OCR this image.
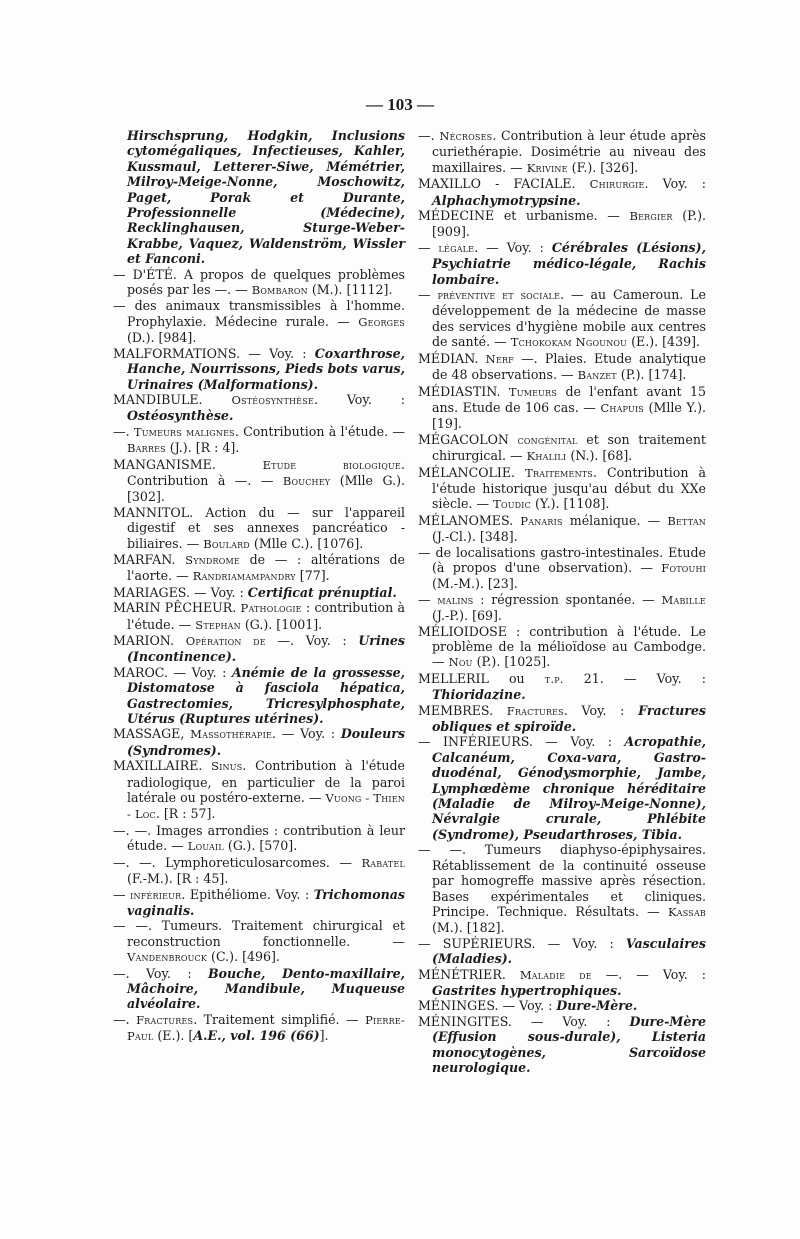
— 103 —

Hirschsprung, Hodgkin, Inclusions cytomégaliques, Infectieuses, Kahler, Kussmaul, Letterer-Siwe, Mémétrier, Milroy-Meige-Nonne, Moschowitz, Paget, Porak et Durante, Professionnelle (Médecine), Recklinghausen, Sturge-Weber-Krabbe, Vaquez, Waldenström, Wissler et Fanconi.

— D'ÉTÉ. A propos de quelques problèmes posés par les —. — Bombaron (M.). [1112].

— des animaux transmissibles à l'homme. Prophylaxie. Médecine rurale. — Georges (D.). [984].

MALFORMATIONS. — Voy. : Coxarthrose, Hanche, Nourrissons, Pieds bots varus, Urinaires (Malformations).

MANDIBULE. Ostéosynthèse. Voy. : Ostéosynthèse.

—. Tumeurs malignes. Contribution à l'étude. — Barres (J.). [R : 4].

MANGANISME. Etude biologique. Contribution à —. — Bouchey (Mlle G.). [302].

MANNITOL. Action du — sur l'appareil digestif et ses annexes pancréatico - biliaires. — Boulard (Mlle C.). [1076].

MARFAN. Syndrome de — : altérations de l'aorte. — Randriamampandry [77].

MARIAGES. — Voy. : Certificat prénuptial.

MARIN PÊCHEUR. Pathologie : contribution à l'étude. — Stephan (G.). [1001].

MARION. Opération de —. Voy. : Urines (Incontinence).

MAROC. — Voy. : Anémie de la grossesse, Distomatose à fasciola hépatica, Gastrectomies, Tricresylphosphate, Utérus (Ruptures utérines).

MASSAGE, Massothérapie. — Voy. : Douleurs (Syndromes).

MAXILLAIRE. Sinus. Contribution à l'étude radiologique, en particulier de la paroi latérale ou postéro-externe. — Vuong - Thien - Loc. [R : 57].

—. —. Images arrondies : contribution à leur étude. — Louail (G.). [570].

—. —. Lymphoreticulosarcomes. — Rabatel (F.-M.). [R : 45].

— inférieur. Epithéliome. Voy. : Trichomonas vaginalis.

— —. Tumeurs. Traitement chirurgical et reconstruction fonctionnelle. — Vandenbrouck (C.). [496].

—. Voy. : Bouche, Dento-maxillaire, Mâchoire, Mandibule, Muqueuse alvéolaire.

—. Fractures. Traitement simplifié. — Pierre-Paul (E.). [A.E., vol. 196 (66)].

—. Nécroses. Contribution à leur étude après curiethérapie. Dosimétrie au niveau des maxillaires. — Krivine (F.). [326].

MAXILLO - FACIALE. Chirurgie. Voy. : Alphachymotrypsine.

MÉDECINE et urbanisme. — Bergier (P.). [909].

— légale. — Voy. : Cérébrales (Lésions), Psychiatrie médico-légale, Rachis lombaire.

— préventive et sociale. — au Cameroun. Le développement de la médecine de masse des services d'hygiène mobile aux centres de santé. — Tchokokam Ngounou (E.). [439].

MÉDIAN. Nerf —. Plaies. Etude analytique de 48 observations. — Banzet (P.). [174].

MÉDIASTIN. Tumeurs de l'enfant avant 15 ans. Etude de 106 cas. — Chapuis (Mlle Y.). [19].

MÉGACOLON congénital et son traitement chirurgical. — Khalili (N.). [68].

MÉLANCOLIE. Traitements. Contribution à l'étude historique jusqu'au début du XXe siècle. — Toudic (Y.). [1108].

MÉLANOMES. Panaris mélanique. — Bettan (J.-Cl.). [348].

— de localisations gastro-intestinales. Etude (à propos d'une observation). — Fotouhi (M.-M.). [23].

— malins : régression spontanée. — Mabille (J.-P.). [69].

MÉLIOIDOSE : contribution à l'étude. Le problème de la mélioïdose au Cambodge. — Nou (P.). [1025].

MELLERIL ou t.p. 21. — Voy. : Thioridazine.

MEMBRES. Fractures. Voy. : Fractures obliques et spiroïde.

— INFÉRIEURS. — Voy. : Acropathie, Calcanéum, Coxa-vara, Gastro-duodénal, Génodysmorphie, Jambe, Lymphœdème chronique héréditaire (Maladie de Milroy-Meige-Nonne), Névralgie crurale, Phlébite (Syndrome), Pseudarthroses, Tibia.

— —. Tumeurs diaphyso-épiphysaires. Rétablissement de la continuité osseuse par homogreffe massive après résection. Bases expérimentales et cliniques. Principe. Technique. Résultats. — Kassab (M.). [182].

— SUPÉRIEURS. — Voy. : Vasculaires (Maladies).

MÉNÉTRIER. Maladie de —. — Voy. : Gastrites hypertrophiques.

MÉNINGES. — Voy. : Dure-Mère.

MÉNINGITES. — Voy. : Dure-Mère (Effusion sous-durale), Listeria monocytogènes, Sarcoïdose neurologique.
